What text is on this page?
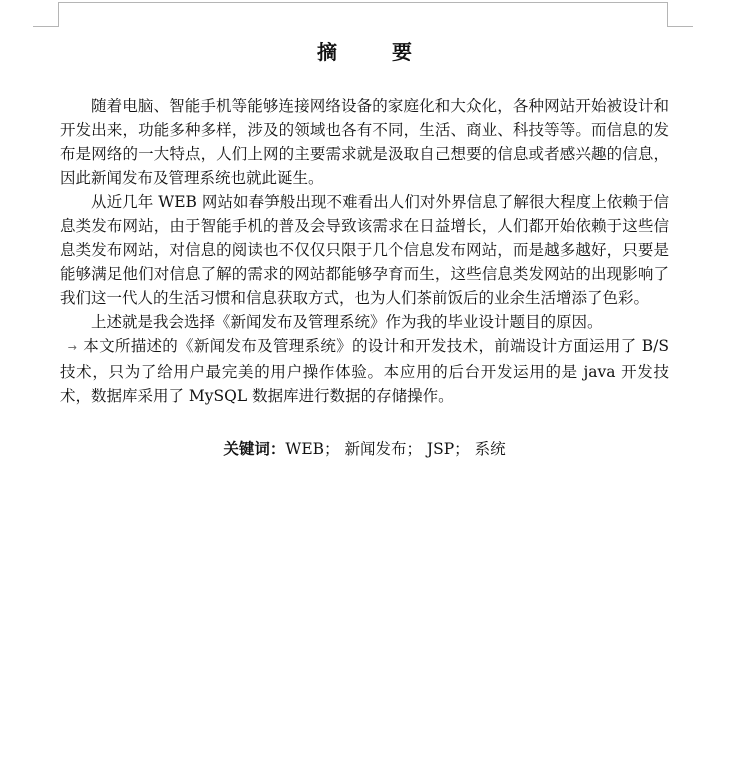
摘 要

随着电脑、智能手机等能够连接网络设备的家庭化和大众化，各种网站开始被设计和开发出来，功能多种多样，涉及的领域也各有不同，生活、商业、科技等等。而信息的发布是网络的一大特点，人们上网的主要需求就是汲取自己想要的信息或者感兴趣的信息，因此新闻发布及管理系统也就此诞生。

从近几年 WEB 网站如春笋般出现不难看出人们对外界信息了解很大程度上依赖于信息类发布网站，由于智能手机的普及会导致该需求在日益增长，人们都开始依赖于这些信息类发布网站，对信息的阅读也不仅仅只限于几个信息发布网站，而是越多越好，只要是能够满足他们对信息了解的需求的网站都能够孕育而生，这些信息类发网站的出现影响了我们这一代人的生活习惯和信息获取方式，也为人们茶前饭后的业余生活增添了色彩。

上述就是我会选择《新闻发布及管理系统》作为我的毕业设计题目的原因。

→ 本文所描述的《新闻发布及管理系统》的设计和开发技术，前端设计方面运用了 B/S 技术，只为了给用户最完美的用户操作体验。本应用的后台开发运用的是 java 开发技术，数据库采用了 MySQL 数据库进行数据的存储操作。

关键词：WEB； 新闻发布； JSP； 系统
